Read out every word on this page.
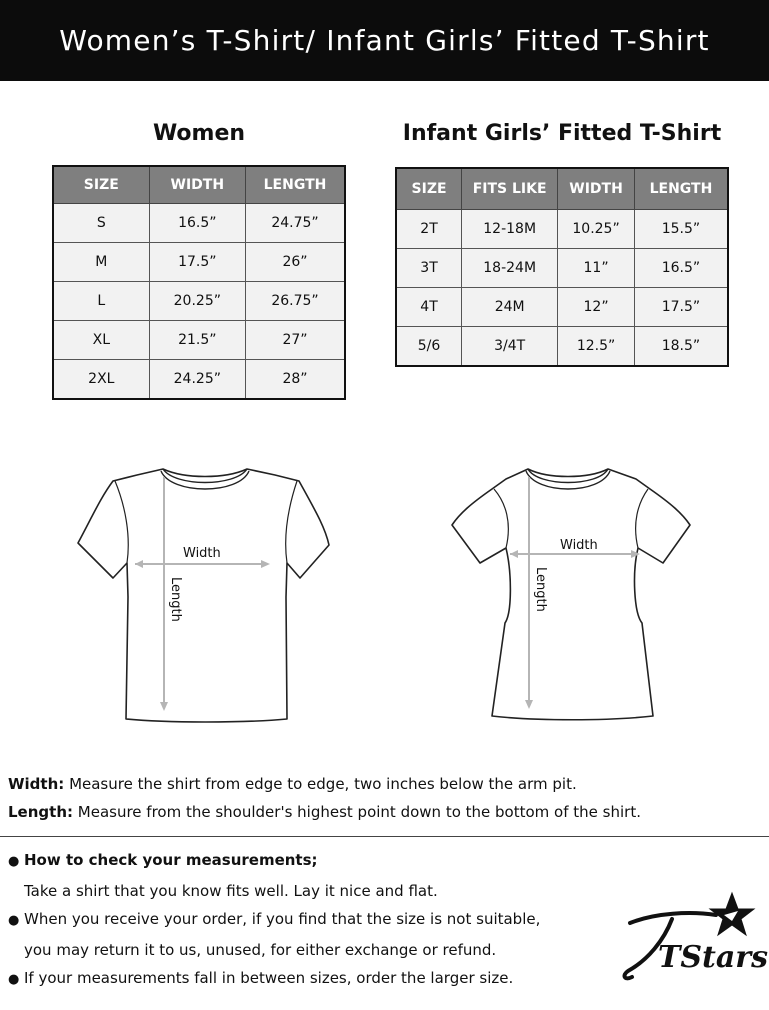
Women’s T-Shirt/ Infant Girls’ Fitted T-Shirt
Women
SIZE	WIDTH	LENGTH
S	16.5”	24.75”
M	17.5”	26”
L	20.25”	26.75”
XL	21.5”	27”
2XL	24.25”	28”
Infant Girls’ Fitted T-Shirt
SIZE	FITS LIKE	WIDTH	LENGTH
2T	12-18M	10.25”	15.5”
3T	18-24M	11”	16.5”
4T	24M	12”	17.5”
5/6	3/4T	12.5”	18.5”
Width
Length
Width
Length
Width: Measure the shirt from edge to edge, two inches below the arm pit.
Length: Measure from the shoulder's highest point down to the bottom of the shirt.
● How to check your measurements;
Take a shirt that you know fits well. Lay it nice and flat.
● When you receive your order, if you find that the size is not suitable,
you may return it to us, unused, for either exchange or refund.
● If your measurements fall in between sizes, order the larger size.
TStars
